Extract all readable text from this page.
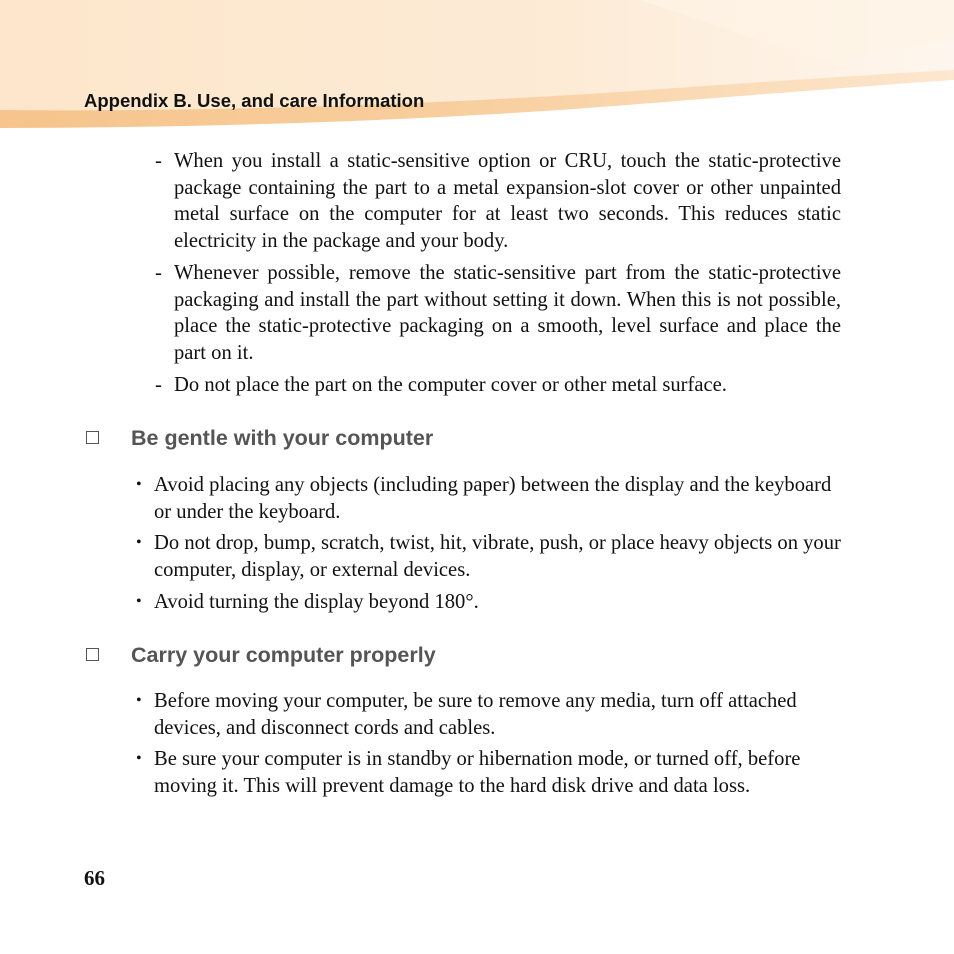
Appendix B. Use, and care Information
- When you install a static-sensitive option or CRU, touch the static-protective package containing the part to a metal expansion-slot cover or other unpainted metal surface on the computer for at least two seconds. This reduces static electricity in the package and your body.
- Whenever possible, remove the static-sensitive part from the static-protective packaging and install the part without setting it down. When this is not possible, place the static-protective packaging on a smooth, level surface and place the part on it.
- Do not place the part on the computer cover or other metal surface.
Be gentle with your computer
• Avoid placing any objects (including paper) between the display and the keyboard or under the keyboard.
• Do not drop, bump, scratch, twist, hit, vibrate, push, or place heavy objects on your computer, display, or external devices.
• Avoid turning the display beyond 180°.
Carry your computer properly
• Before moving your computer, be sure to remove any media, turn off attached devices, and disconnect cords and cables.
• Be sure your computer is in standby or hibernation mode, or turned off, before moving it. This will prevent damage to the hard disk drive and data loss.
66
